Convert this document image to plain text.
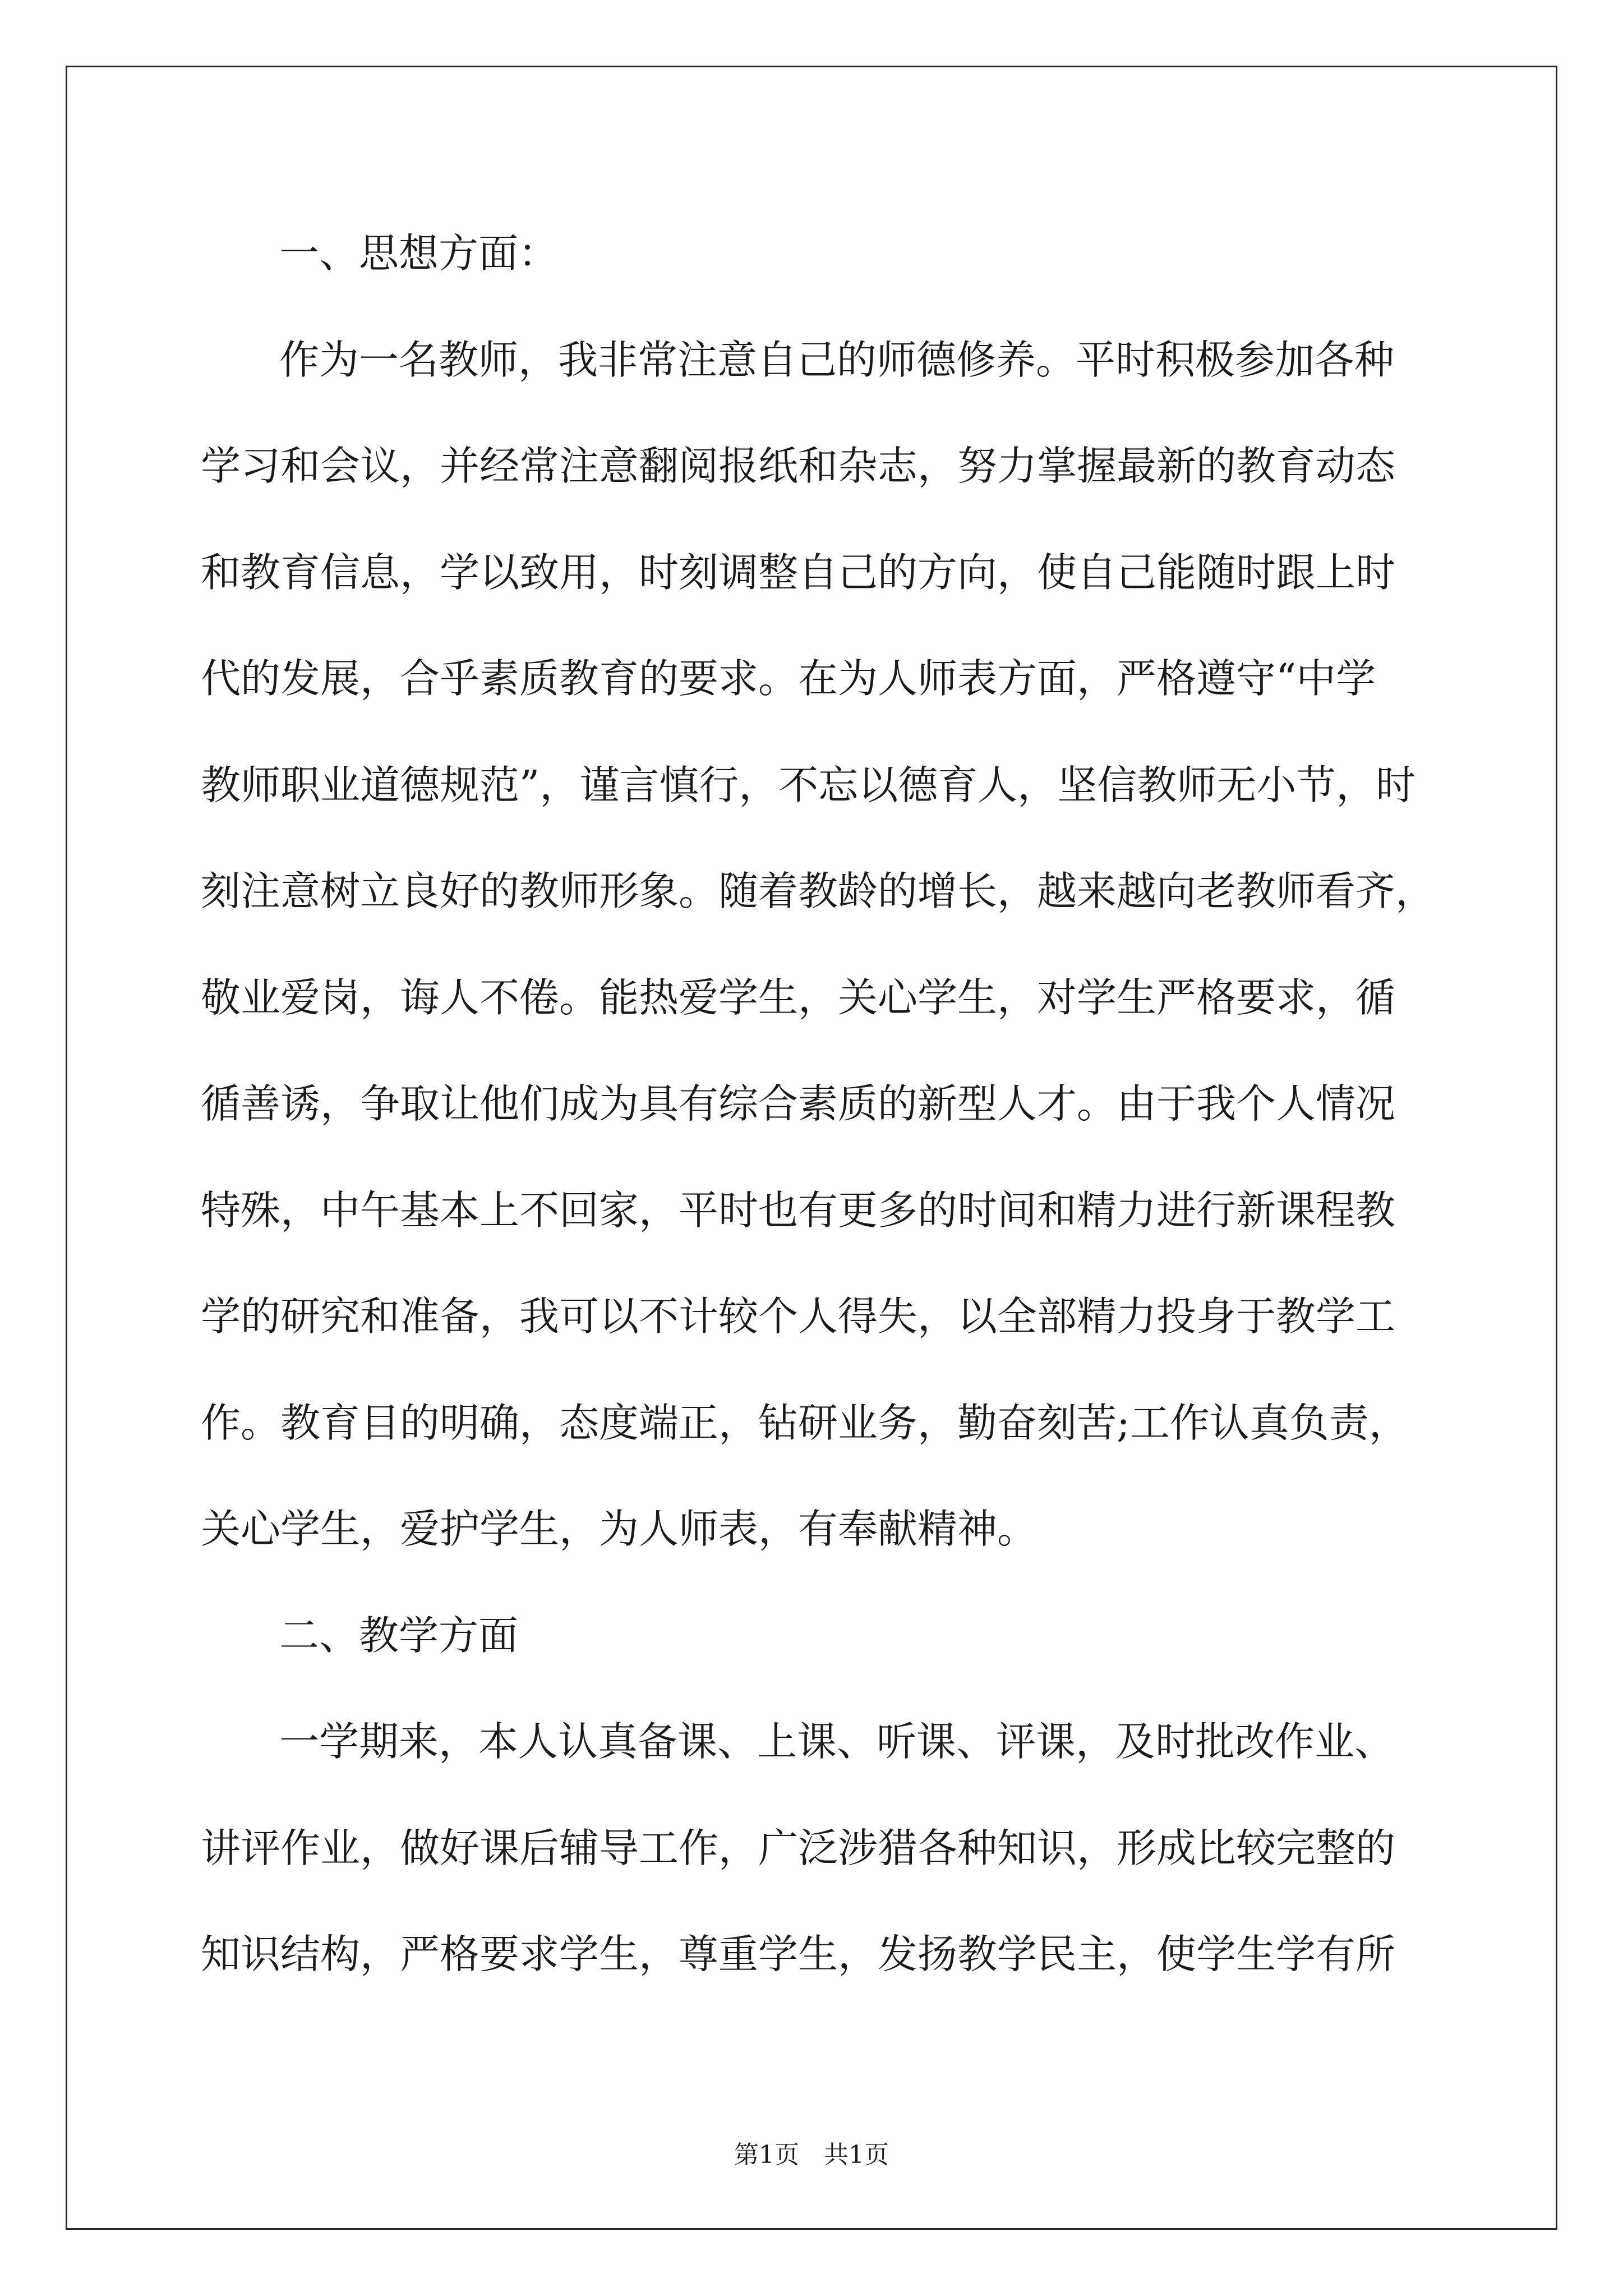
一、思想方面：
作为一名教师，我非常注意自己的师德修养。平时积极参加各种
学习和会议，并经常注意翻阅报纸和杂志，努力掌握最新的教育动态
和教育信息，学以致用，时刻调整自己的方向，使自己能随时跟上时
代的发展，合乎素质教育的要求。在为人师表方面，严格遵守“中学
教师职业道德规范”，谨言慎行，不忘以德育人，坚信教师无小节，时
刻注意树立良好的教师形象。随着教龄的增长，越来越向老教师看齐，
敬业爱岗，诲人不倦。能热爱学生，关心学生，对学生严格要求，循
循善诱，争取让他们成为具有综合素质的新型人才。由于我个人情况
特殊，中午基本上不回家，平时也有更多的时间和精力进行新课程教
学的研究和准备，我可以不计较个人得失，以全部精力投身于教学工
作。教育目的明确，态度端正，钻研业务，勤奋刻苦;工作认真负责，
关心学生，爱护学生，为人师表，有奉献精神。
二、教学方面
一学期来，本人认真备课、上课、听课、评课，及时批改作业、
讲评作业，做好课后辅导工作，广泛涉猎各种知识，形成比较完整的
知识结构，严格要求学生，尊重学生，发扬教学民主，使学生学有所
第1页　共1页
